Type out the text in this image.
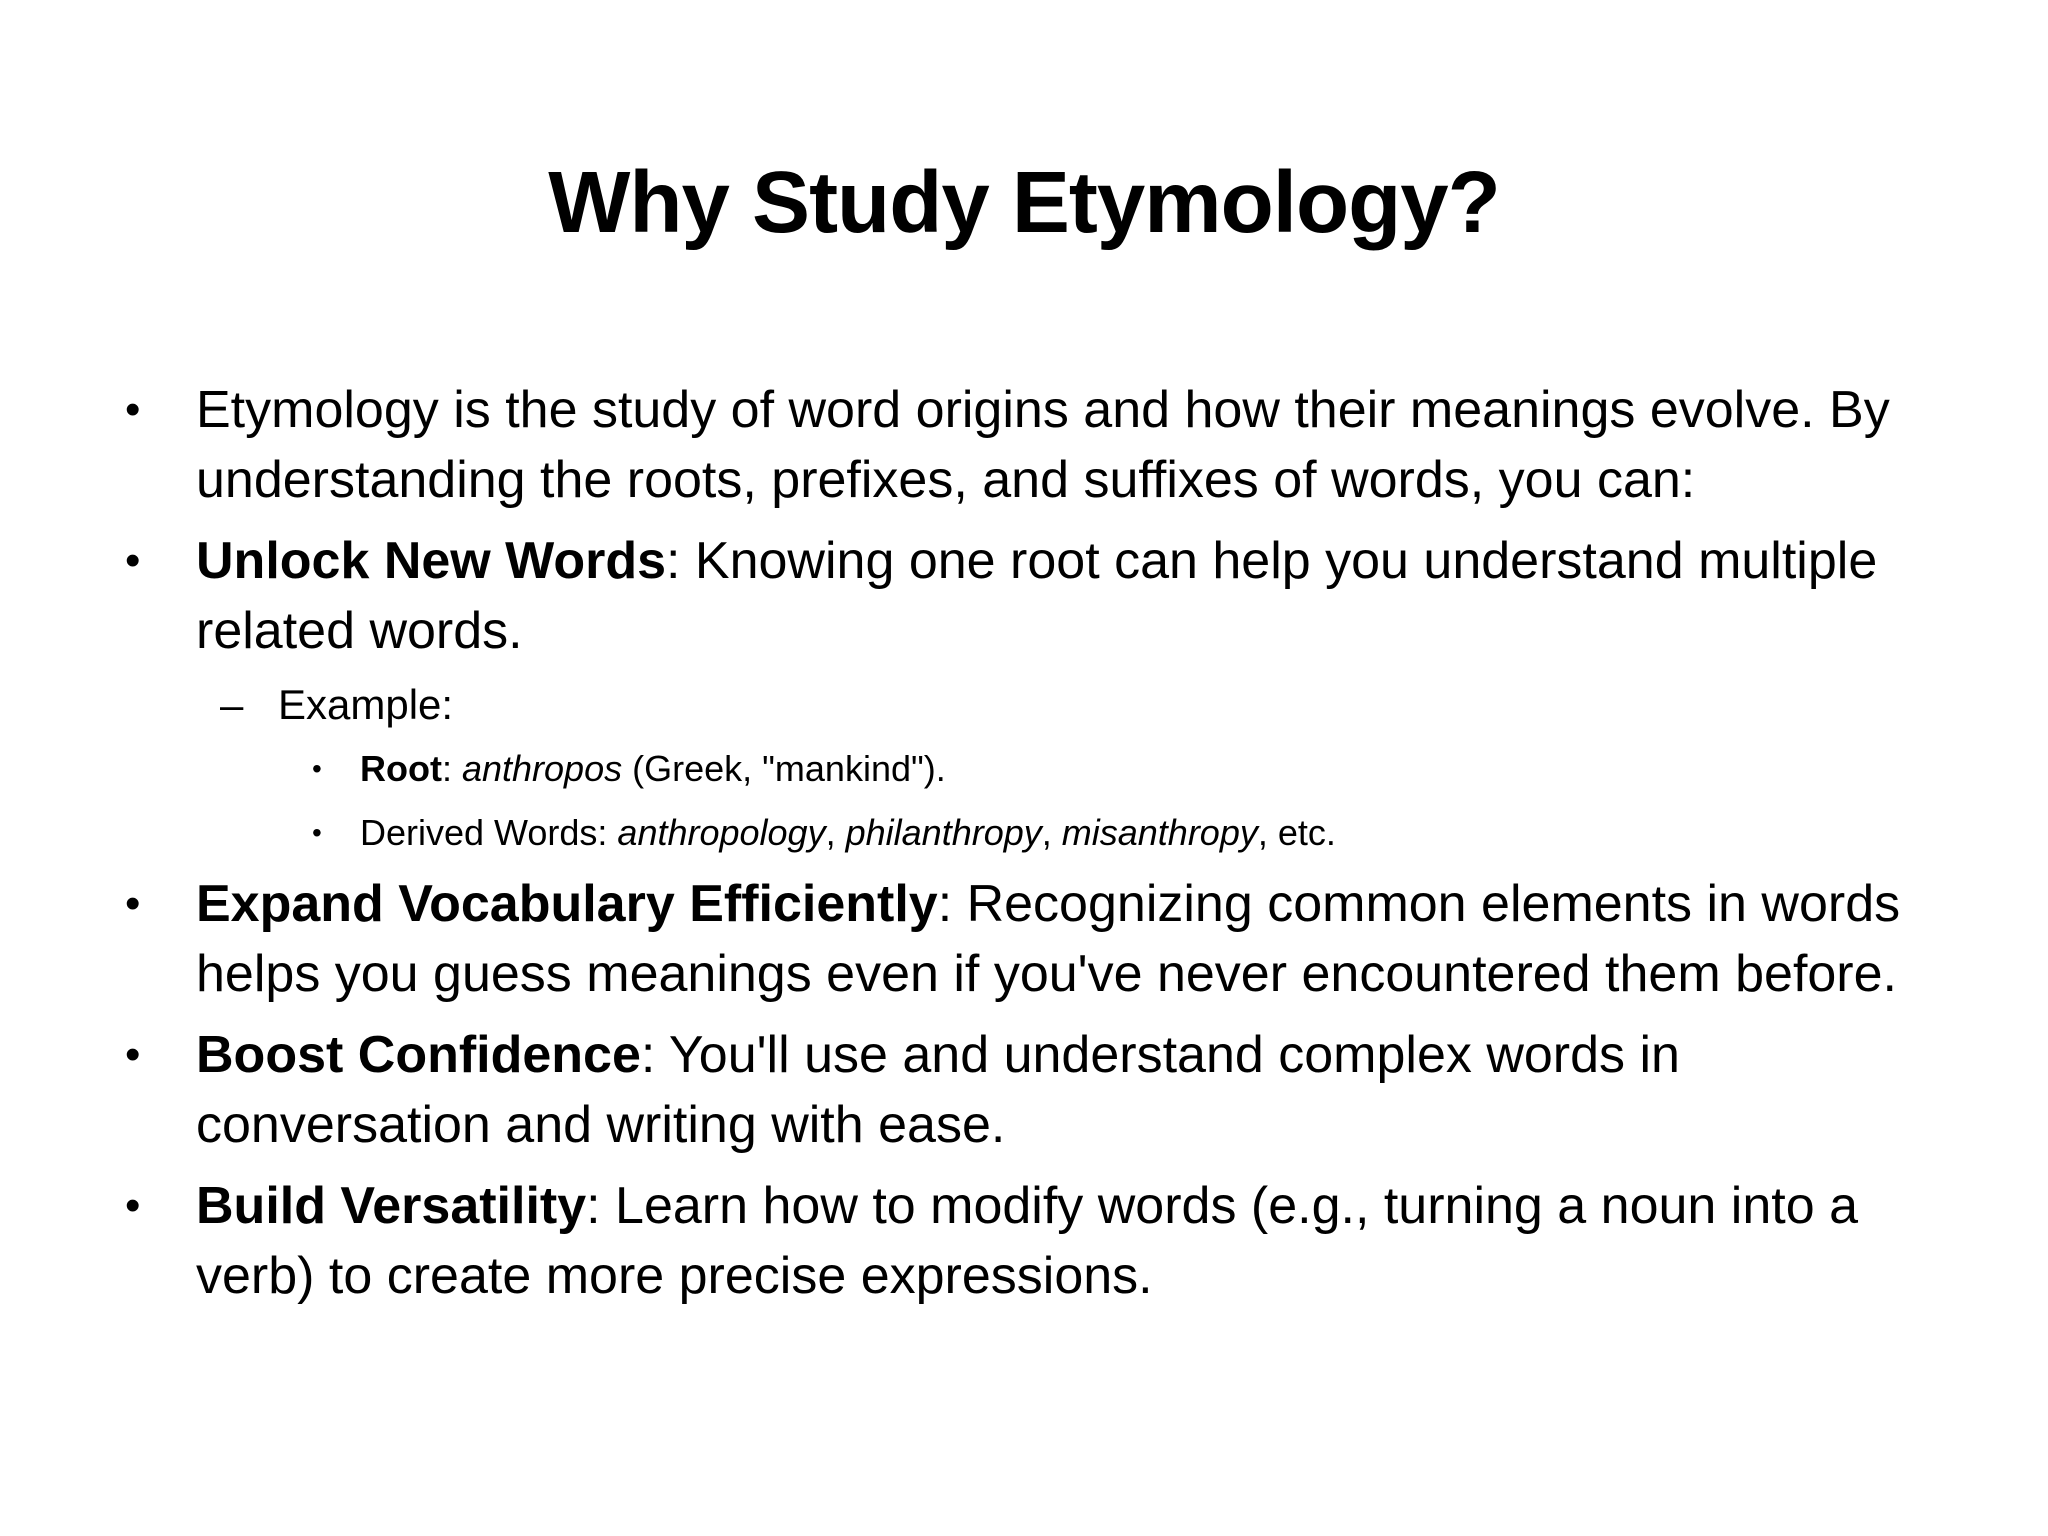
Why Study Etymology?
• Etymology is the study of word origins and how their meanings evolve. By understanding the roots, prefixes, and suffixes of words, you can:
• Unlock New Words: Knowing one root can help you understand multiple related words.
– Example:
• Root: anthropos (Greek, "mankind").
• Derived Words: anthropology, philanthropy, misanthropy, etc.
• Expand Vocabulary Efficiently: Recognizing common elements in words helps you guess meanings even if you've never encountered them before.
• Boost Confidence: You'll use and understand complex words in conversation and writing with ease.
• Build Versatility: Learn how to modify words (e.g., turning a noun into a verb) to create more precise expressions.
